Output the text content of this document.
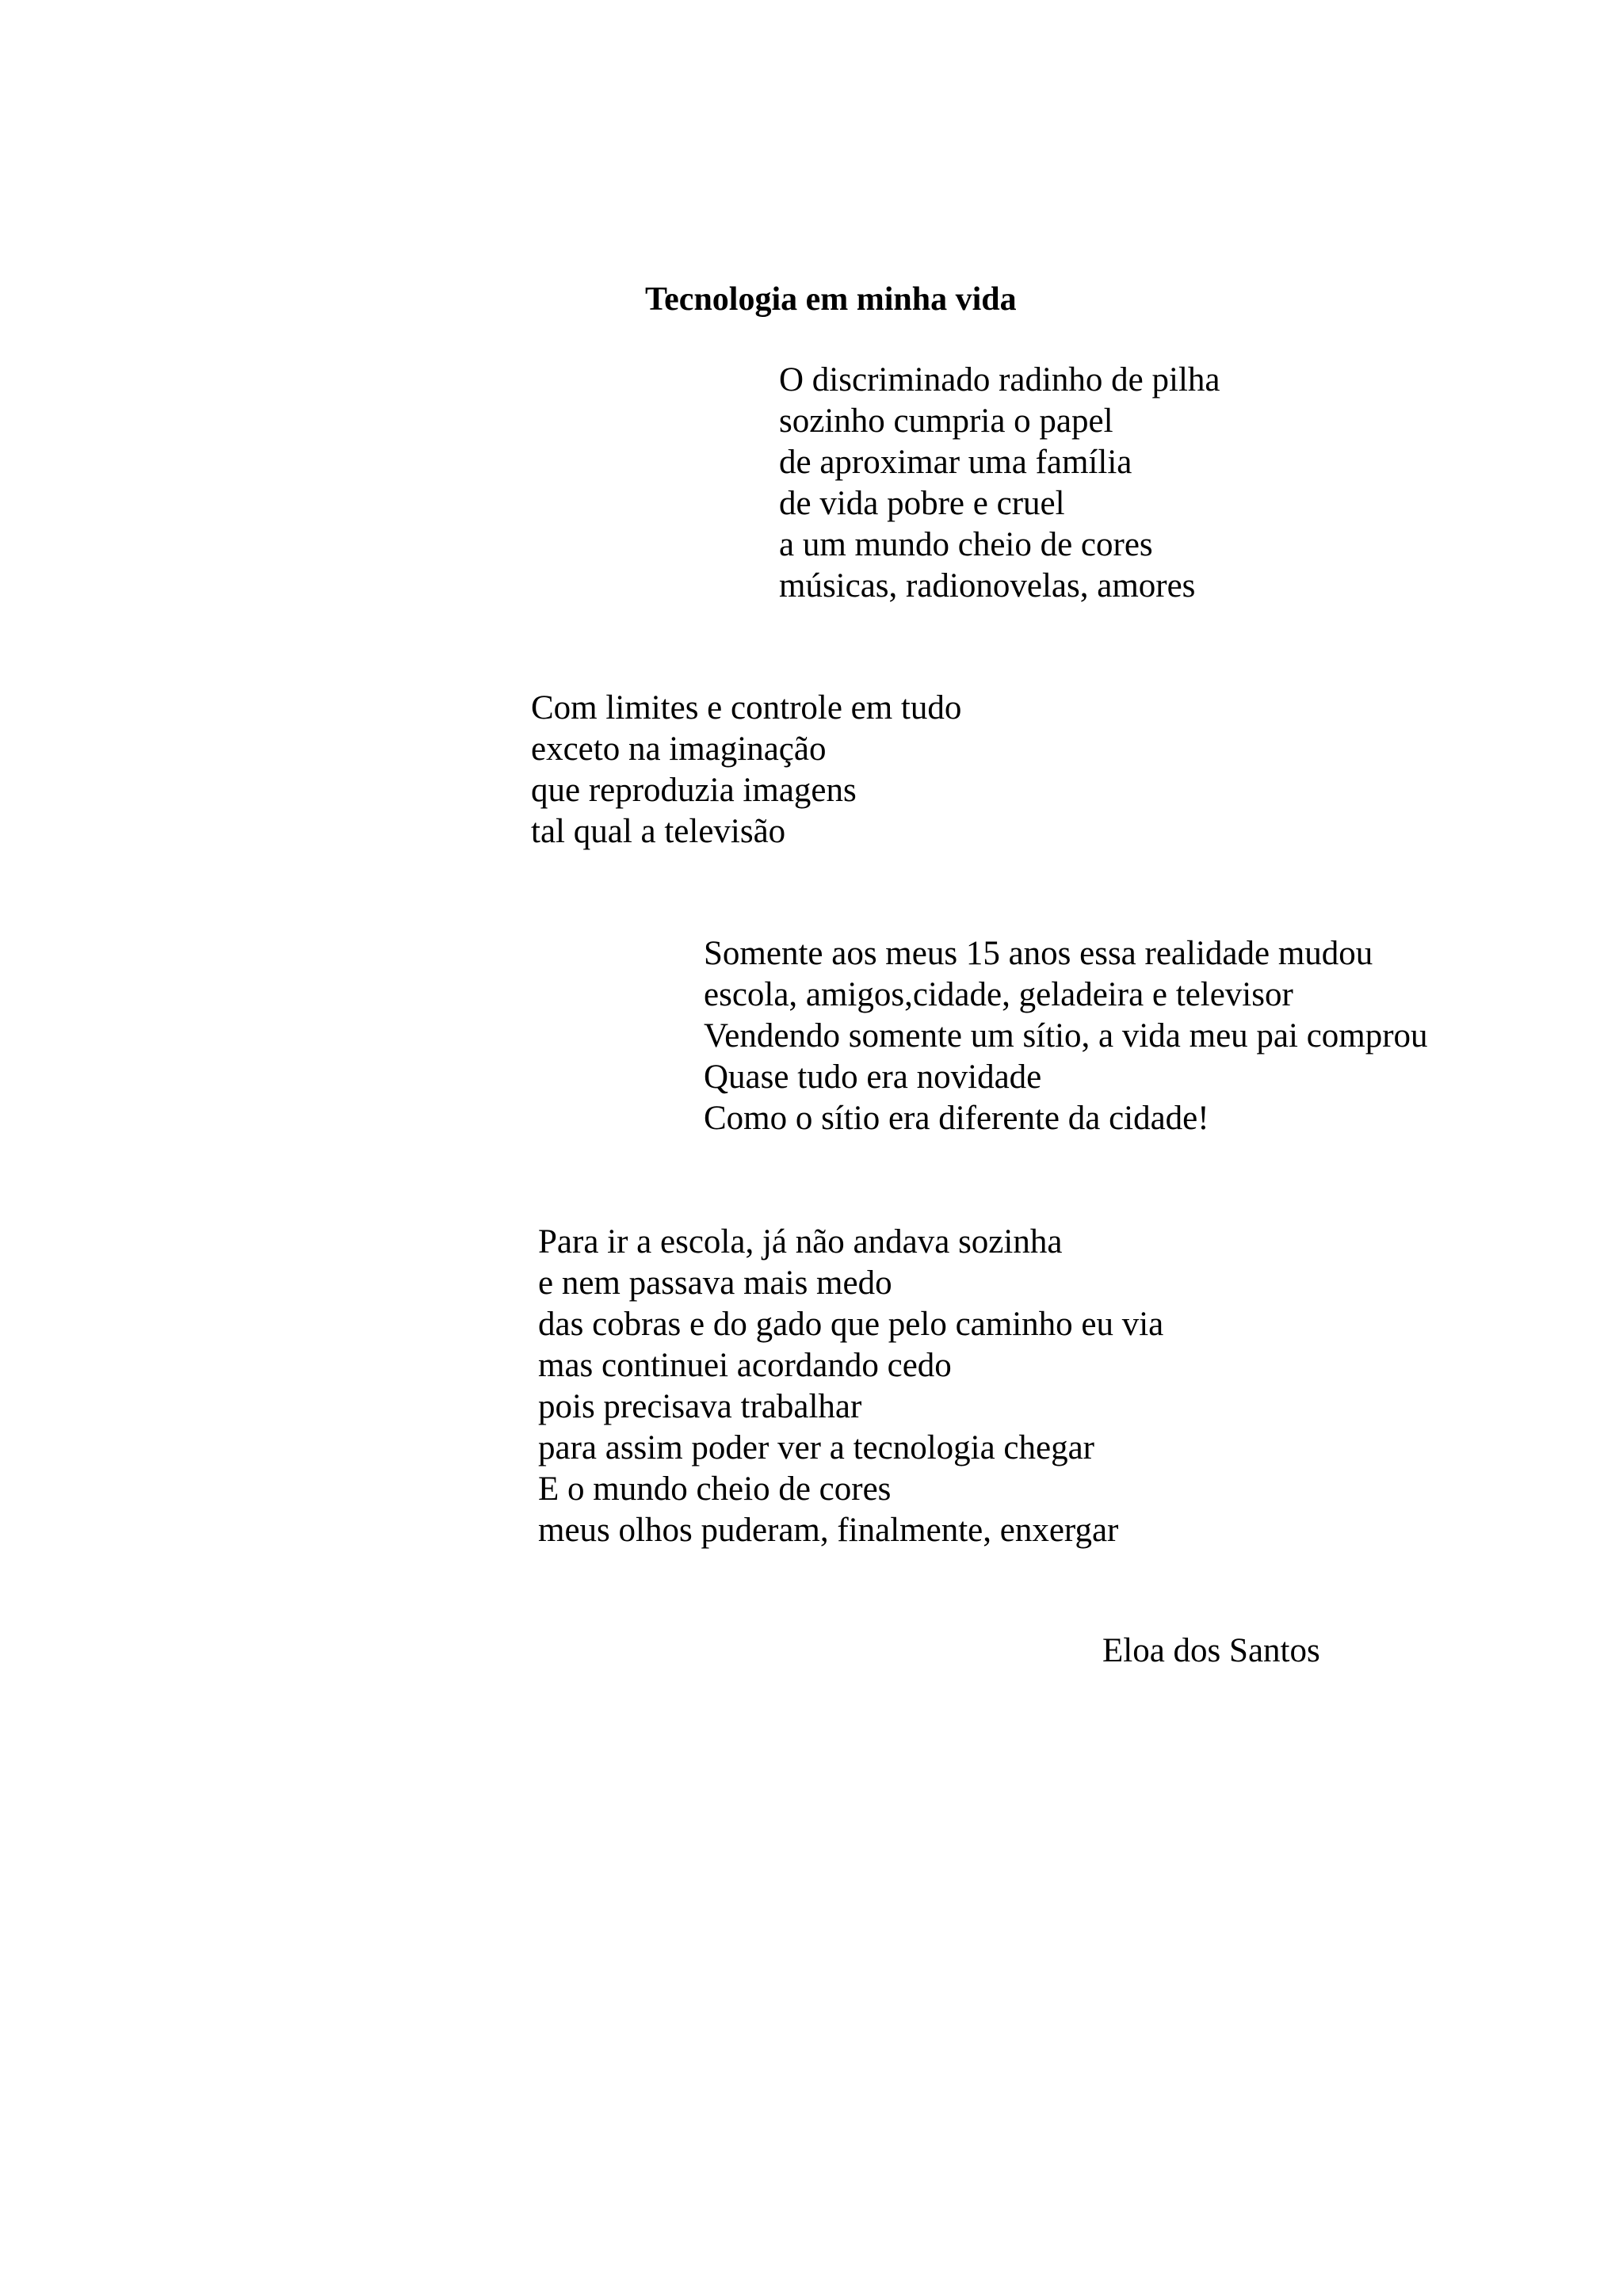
Tecnologia em minha vida
O discriminado radinho de pilha
sozinho cumpria o papel
de aproximar uma família
de vida pobre e cruel
a um mundo cheio de cores
músicas, radionovelas, amores
Com limites e controle em tudo
exceto na imaginação
que reproduzia imagens
tal qual a televisão
Somente aos meus 15 anos essa realidade mudou
escola, amigos,cidade, geladeira e televisor
Vendendo somente um sítio, a vida meu pai comprou
Quase tudo era novidade
Como o sítio era diferente da cidade!
Para ir a escola, já não andava sozinha
e nem passava mais medo
das cobras e do gado que pelo caminho eu via
mas continuei acordando cedo
pois precisava trabalhar
para assim poder ver a tecnologia chegar
E o mundo cheio de cores
meus olhos puderam, finalmente, enxergar
Eloa dos Santos
